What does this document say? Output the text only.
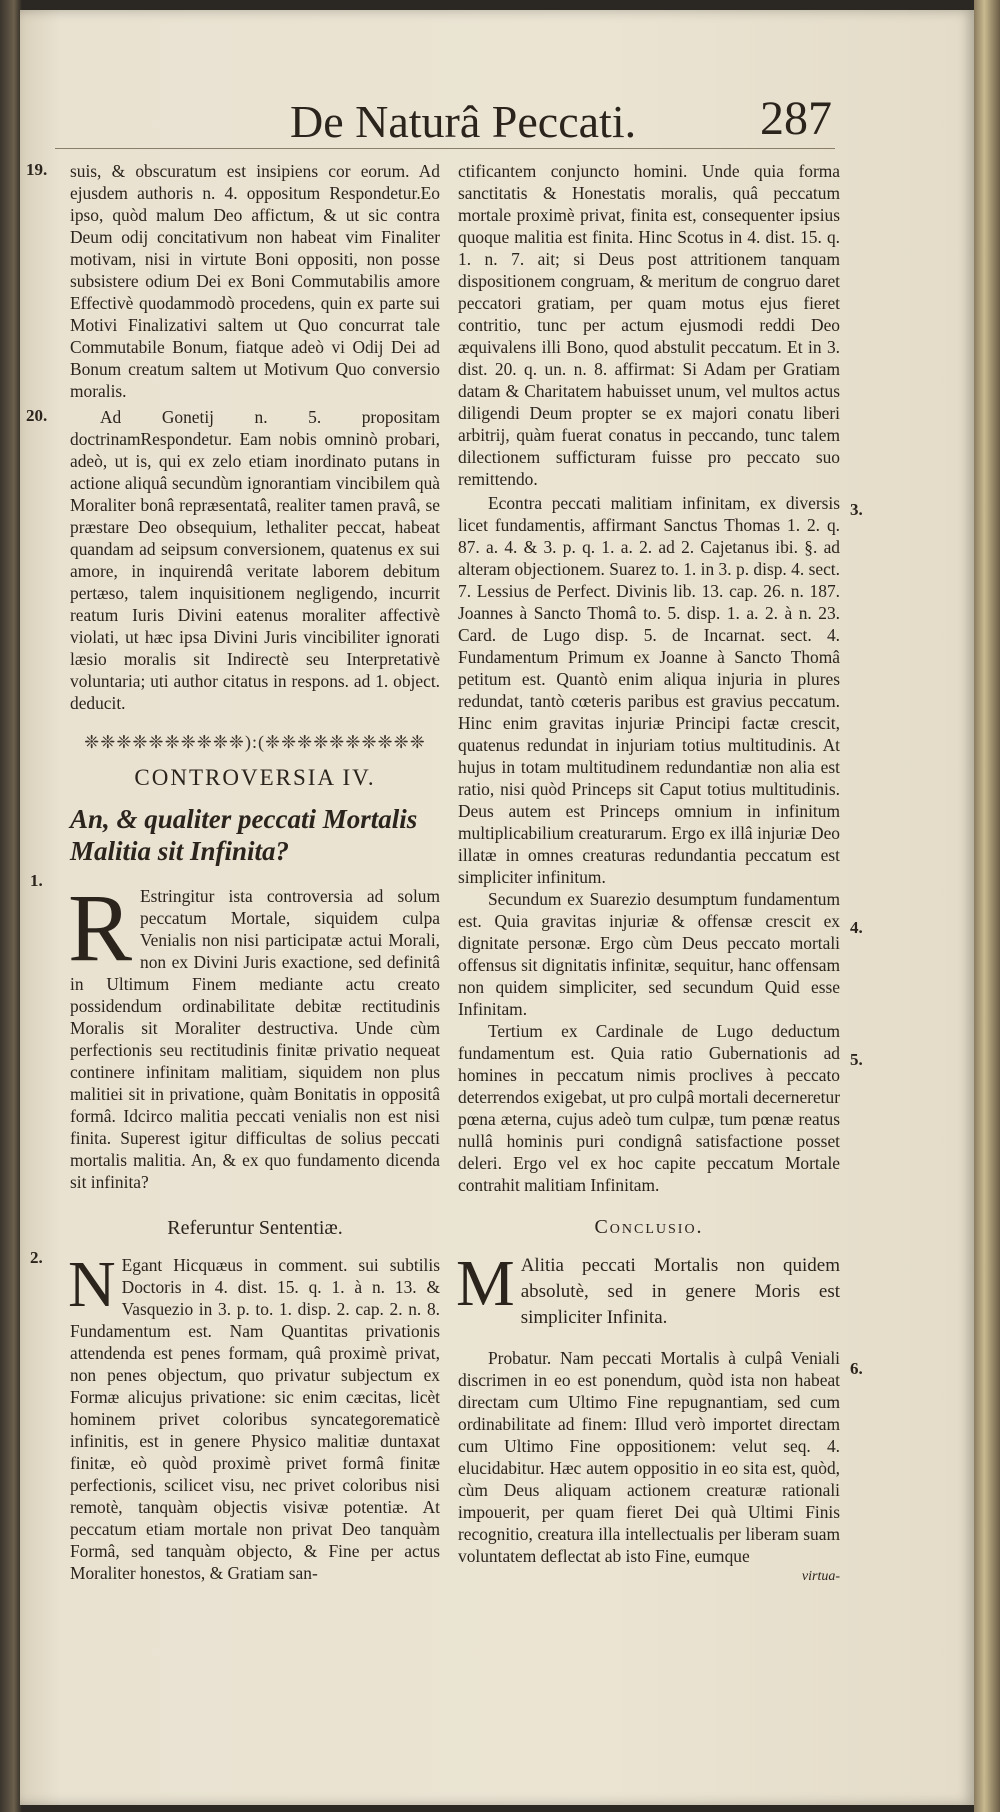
De Naturâ Peccati.	287
19. suis, & obscuratum est insipiens cor eorum. Ad ejusdem authoris n. 4. oppositum Respondetur.Eo ipso, quòd malum Deo affictum, & ut sic contra Deum odij concitativum non habeat vim Finaliter motivam, nisi in virtute Boni oppositi, non posse subsistere odium Dei ex Boni Commutabilis amore Effectivè quodammodò procedens, quin ex parte sui Motivi Finalizativi saltem ut Quo concurrat tale Commutabile Bonum, fiatque adeò vi Odij Dei ad Bonum creatum saltem ut Motivum Quo conversio moralis.

20.	Ad Gonetij n. 5. propositam doctrinamRespondetur. Eam nobis omninò probari, adeò, ut is, qui ex zelo etiam inordinato putans in actione aliquâ secundùm ignorantiam vincibilem quà Moraliter bonâ repræsentatâ, realiter tamen pravâ, se præstare Deo obsequium, lethaliter peccat, habeat quandam ad seipsum conversionem, quatenus ex sui amore, in inquirendâ veritate laborem debitum pertæso, talem inquisitionem negligendo, incurrit reatum Iuris Divini eatenus moraliter affectivè violati, ut hæc ipsa Divini Juris vincibiliter ignorati læsio moralis sit Indirectè seu Interpretativè voluntaria; uti author citatus in respons. ad 1. object. deducit.

❈❈❈❈❈❈❈❈❈❈):(❈❈❈❈❈❈❈❈❈❈
CONTROVERSIA IV.
An, & qualiter peccati Mortalis Malitia sit Infinita?
1. R Estringitur ista controversia ad solum peccatum Mortale, siquidem culpa Venialis non nisi participatæ actui Morali, non ex Divini Juris exactione, sed definitâ in Ultimum Finem mediante actu creato possidendum ordinabilitate debitæ rectitudinis Moralis sit Moraliter destructiva. Unde cùm perfectionis seu rectitudinis finitæ privatio nequeat continere infinitam malitiam, siquidem non plus malitiei sit in privatione, quàm Bonitatis in oppositâ formâ. Idcirco malitia peccati venialis non est nisi finita. Superest igitur difficultas de solius peccati mortalis malitia. An, & ex quo fundamento dicenda sit infinita?

Referuntur Sententiæ.
2. N Egant Hicquæus in comment. sui subtilis Doctoris in 4. dist. 15. q. 1. à n. 13. & Vasquezio in 3. p. to. 1. disp. 2. cap. 2. n. 8. Fundamentum est. Nam Quantitas privationis attendenda est penes formam, quâ proximè privat, non penes objectum, quo privatur subjectum ex Formæ alicujus privatione: sic enim cæcitas, licèt hominem privet coloribus syncategorematicè infinitis, est in genere Physico malitiæ duntaxat finitæ, eò quòd proximè privet formâ finitæ perfectionis, scilicet visu, nec privet coloribus nisi remotè, tanquàm objectis visivæ potentiæ. At peccatum etiam mortale non privat Deo tanquàm Formâ, sed tanquàm objecto, & Fine per actus Moraliter honestos, & Gratiam san-

ctificantem conjuncto homini. Unde quia forma sanctitatis & Honestatis moralis, quâ peccatum mortale proximè privat, finita est, consequenter ipsius quoque malitia est finita. Hinc Scotus in 4. dist. 15. q. 1. n. 7. ait; si Deus post attritionem tanquam dispositionem congruam, & meritum de congruo daret peccatori gratiam, per quam motus ejus fieret contritio, tunc per actum ejusmodi reddi Deo æquivalens illi Bono, quod abstulit peccatum. Et in 3. dist. 20. q. un. n. 8. affirmat: Si Adam per Gratiam datam & Charitatem habuisset unum, vel multos actus diligendi Deum propter se ex majori conatu liberi arbitrij, quàm fuerat conatus in peccando, tunc talem dilectionem sufficturam fuisse pro peccato suo remittendo.

3.

Econtra peccati malitiam infinitam, ex diversis licet fundamentis, affirmant Sanctus Thomas 1. 2. q. 87. a. 4. & 3. p. q. 1. a. 2. ad 2. Cajetanus ibi. §. ad alteram objectionem. Suarez to. 1. in 3. p. disp. 4. sect. 7. Lessius de Perfect. Divinis lib. 13. cap. 26. n. 187. Joannes à Sancto Thomâ to. 5. disp. 1. a. 2. à n. 23. Card. de Lugo disp. 5. de Incarnat. sect. 4. Fundamentum Primum ex Joanne à Sancto Thomâ petitum est. Quantò enim aliqua injuria in plures redundat, tantò cœteris paribus est gravius peccatum. Hinc enim gravitas injuriæ Principi factæ crescit, quatenus redundat in injuriam totius multitudinis. At hujus in totam multitudinem redundantiæ non alia est ratio, nisi quòd Princeps sit Caput totius multitudinis. Deus autem est Princeps omnium in infinitum multiplicabilium creaturarum. Ergo ex illâ injuriæ Deo illatæ in omnes creaturas redundantia peccatum est simpliciter infinitum.

4.

Secundum ex Suarezio desumptum fundamentum est. Quia gravitas injuriæ & offensæ crescit ex dignitate personæ. Ergo cùm Deus peccato mortali offensus sit dignitatis infinitæ, sequitur, hanc offensam non quidem simpliciter, sed secundum Quid esse Infinitam.

5.

Tertium ex Cardinale de Lugo deductum fundamentum est. Quia ratio Gubernationis ad homines in peccatum nimis proclives à peccato deterrendos exigebat, ut pro culpâ mortali decerneretur pœna æterna, cujus adeò tum culpæ, tum pœnæ reatus nullâ hominis puri condignâ satisfactione posset deleri. Ergo vel ex hoc capite peccatum Mortale contrahit malitiam Infinitam.

Conclusio.
M Alitia peccati Mortalis non quidem absolutè, sed in genere Moris est simpliciter Infinita.

6.

Probatur. Nam peccati Mortalis à culpâ Veniali discrimen in eo est ponendum, quòd ista non habeat directam cum Ultimo Fine repugnantiam, sed cum ordinabilitate ad finem: Illud verò importet directam cum Ultimo Fine oppositionem: velut seq. 4. elucidabitur. Hæc autem oppositio in eo sita est, quòd, cùm Deus aliquam actionem creaturæ rationali impouerit, per quam fieret Dei quà Ultimi Finis recognitio, creatura illa intellectualis per liberam suam voluntatem deflectat ab isto Fine, eumque

virtua-
